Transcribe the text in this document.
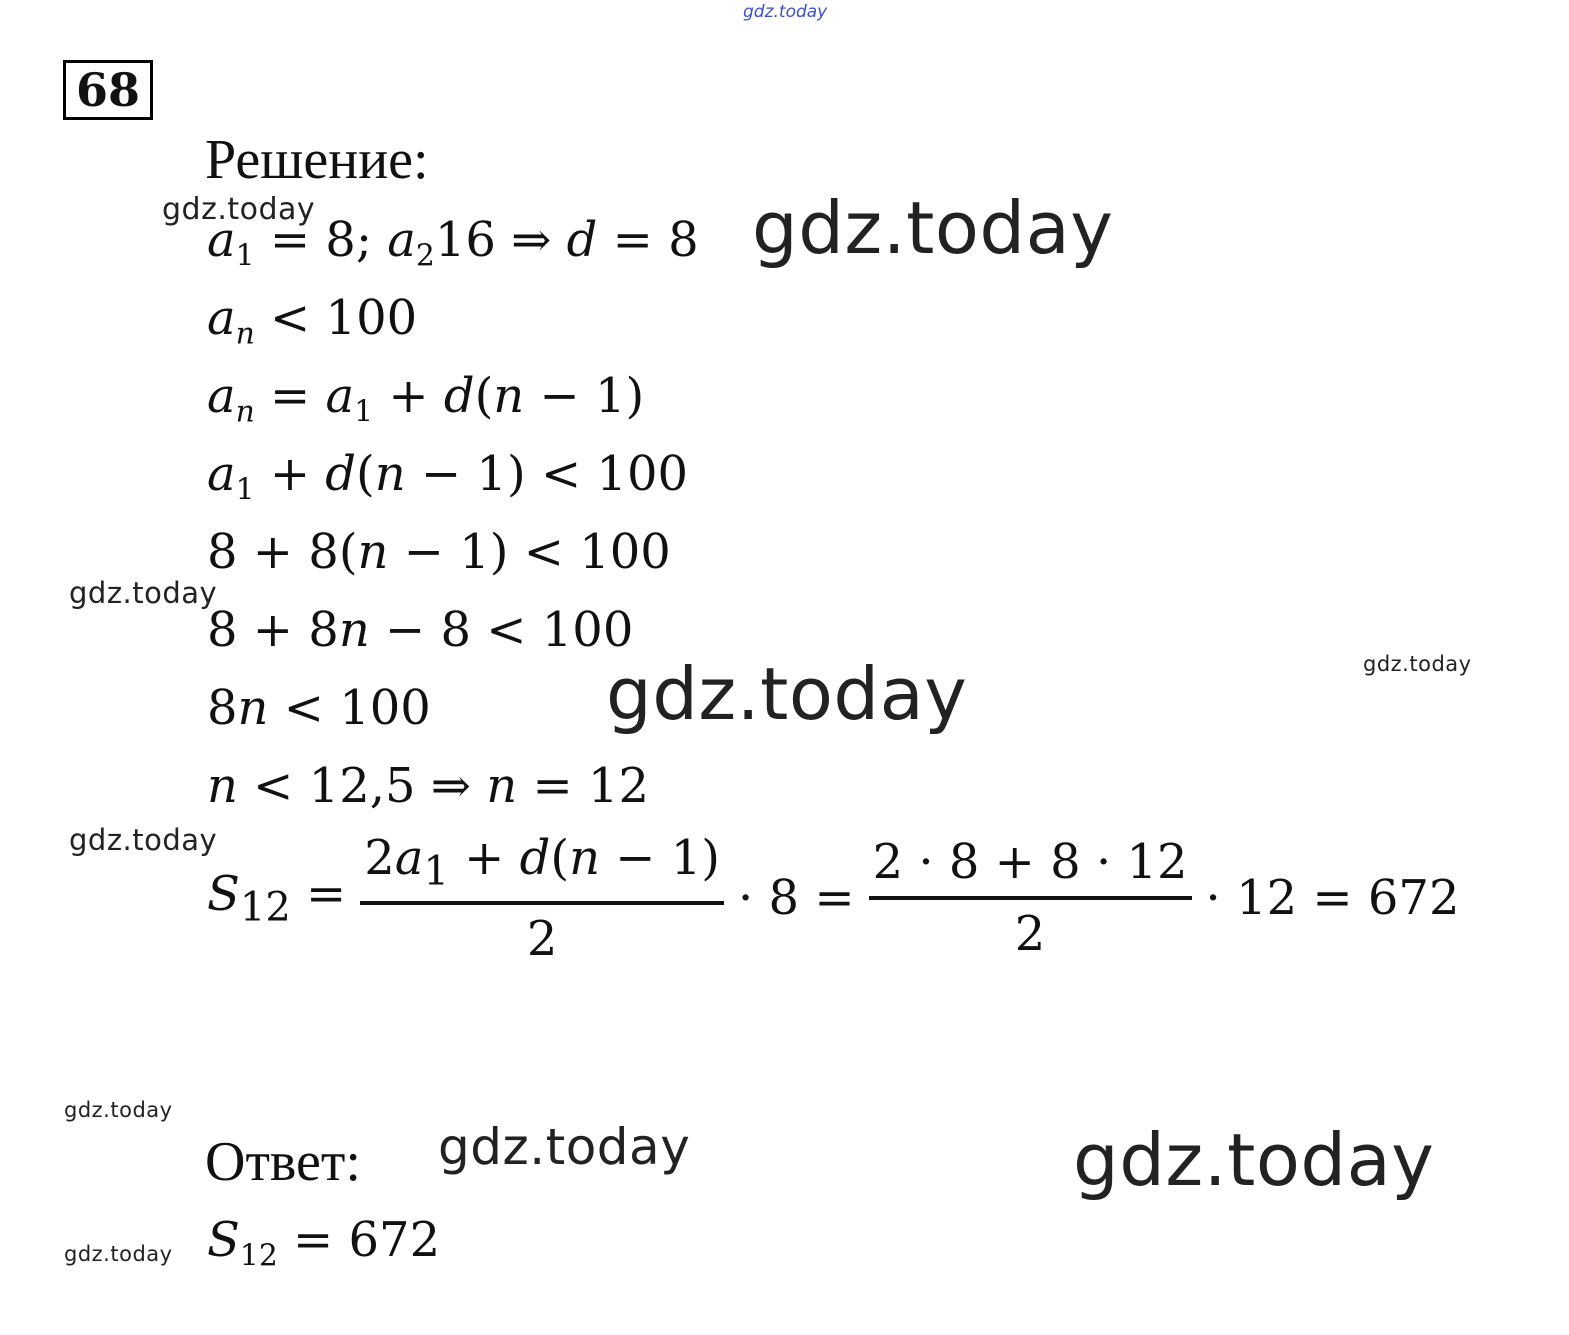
gdz.today
68
Решение:
$a_1 = 8$; $a_216$ ⇒ d = 8
$a_n < 100$
$a_n = a_1 + d(n - 1)$
$a_1 + d(n - 1) < 100$
8 + 8(n − 1) < 100
8 + 8n − 8 < 100
8n < 100
n < 12,5 ⇒ n = 12
$S_{12} = \frac{2a_1 + d(n - 1)}{2} \cdot 8 = \frac{2 \cdot 8 + 8 \cdot 12}{2} \cdot 12 = 672$
Ответ:
$S_{12} = 672$
gdz.today	gdz.today
gdz.today
gdz.today	gdz.today
gdz.today
gdz.today
gdz.today	gdz.today
gdz.today
